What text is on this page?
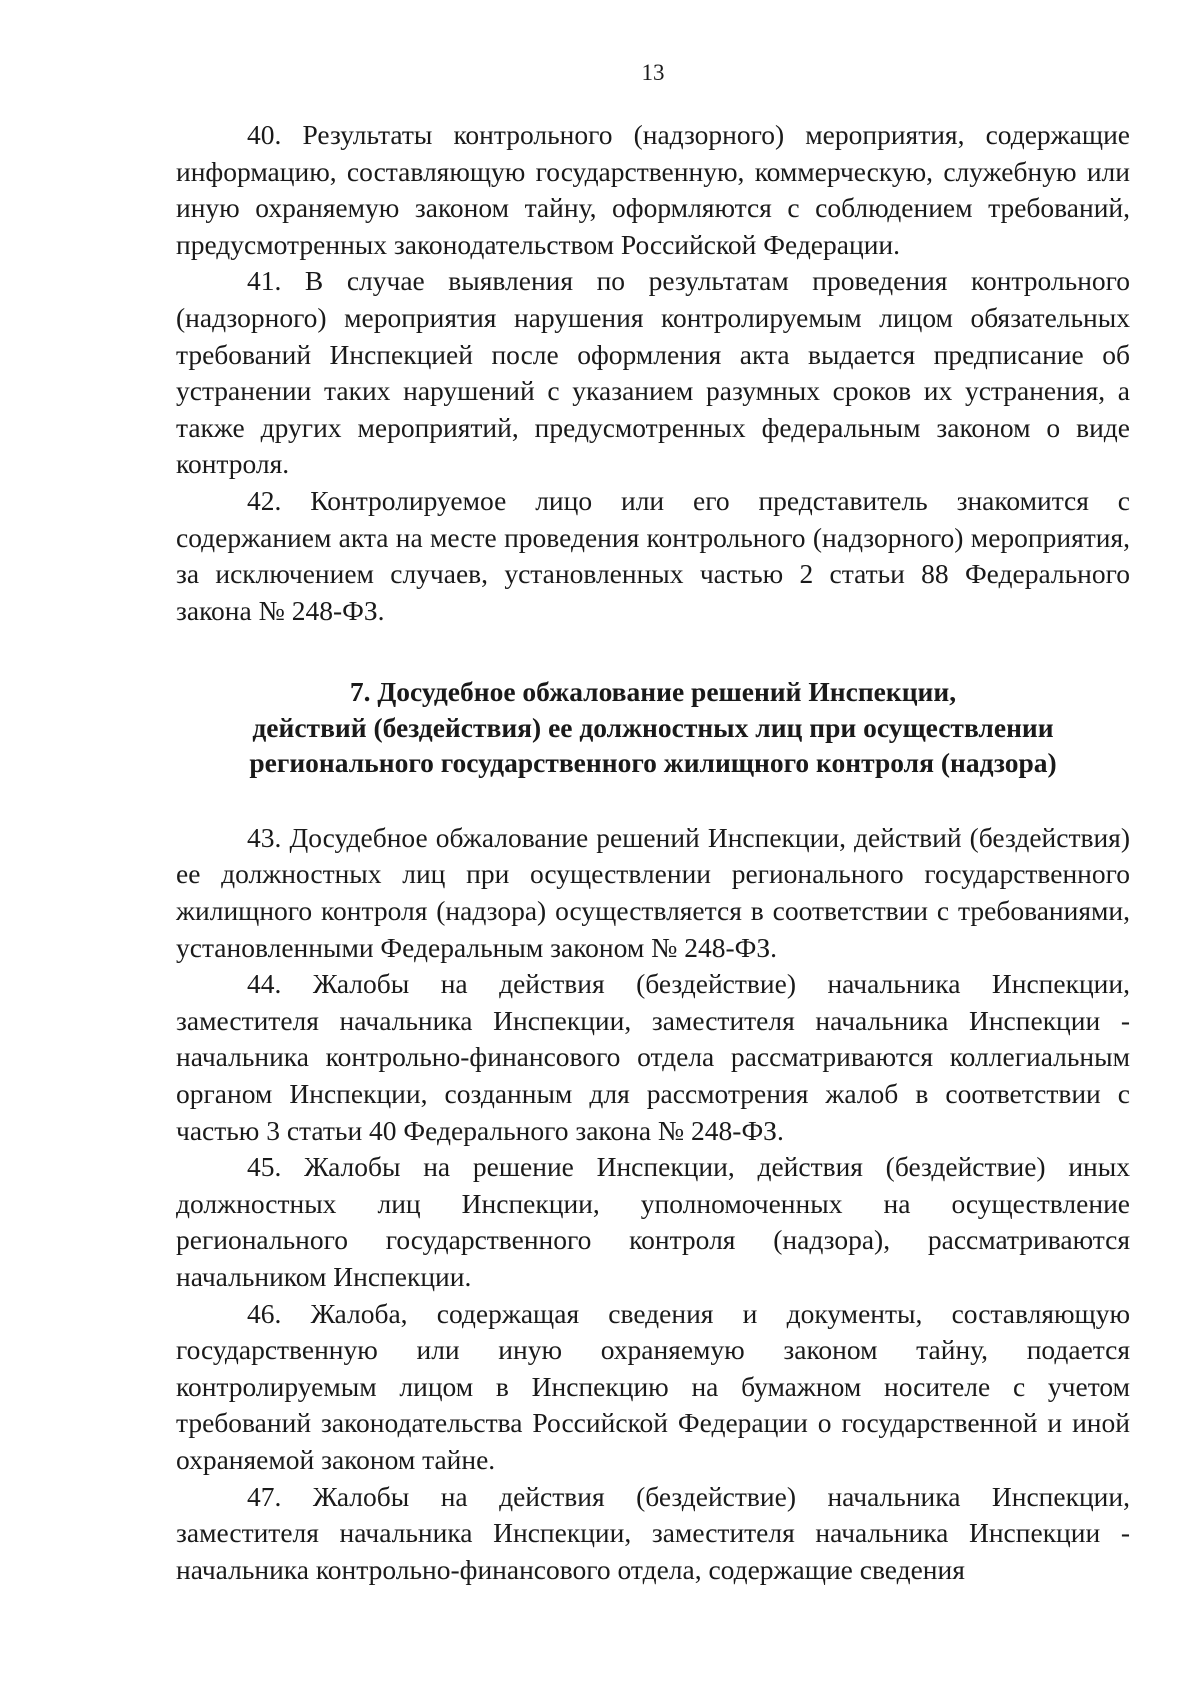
13

40. Результаты контрольного (надзорного) мероприятия, содержащие информацию, составляющую государственную, коммерческую, служебную или иную охраняемую законом тайну, оформляются с соблюдением требований, предусмотренных законодательством Российской Федерации.

41. В случае выявления по результатам проведения контрольного (надзорного) мероприятия нарушения контролируемым лицом обязательных требований Инспекцией после оформления акта выдается предписание об устранении таких нарушений с указанием разумных сроков их устранения, а также других мероприятий, предусмотренных федеральным законом о виде контроля.

42. Контролируемое лицо или его представитель знакомится с содержанием акта на месте проведения контрольного (надзорного) мероприятия, за исключением случаев, установленных частью 2 статьи 88 Федерального закона № 248-ФЗ.

7. Досудебное обжалование решений Инспекции,
действий (бездействия) ее должностных лиц при осуществлении
регионального государственного жилищного контроля (надзора)

43. Досудебное обжалование решений Инспекции, действий (бездействия) ее должностных лиц при осуществлении регионального государственного жилищного контроля (надзора) осуществляется в соответствии с требованиями, установленными Федеральным законом № 248-ФЗ.

44. Жалобы на действия (бездействие) начальника Инспекции, заместителя начальника Инспекции, заместителя начальника Инспекции - начальника контрольно-финансового отдела рассматриваются коллегиальным органом Инспекции, созданным для рассмотрения жалоб в соответствии с частью 3 статьи 40 Федерального закона № 248-ФЗ.

45. Жалобы на решение Инспекции, действия (бездействие) иных должностных лиц Инспекции, уполномоченных на осуществление регионального государственного контроля (надзора), рассматриваются начальником Инспекции.

46. Жалоба, содержащая сведения и документы, составляющую государственную или иную охраняемую законом тайну, подается контролируемым лицом в Инспекцию на бумажном носителе с учетом требований законодательства Российской Федерации о государственной и иной охраняемой законом тайне.

47. Жалобы на действия (бездействие) начальника Инспекции, заместителя начальника Инспекции, заместителя начальника Инспекции - начальника контрольно-финансового отдела, содержащие сведения
